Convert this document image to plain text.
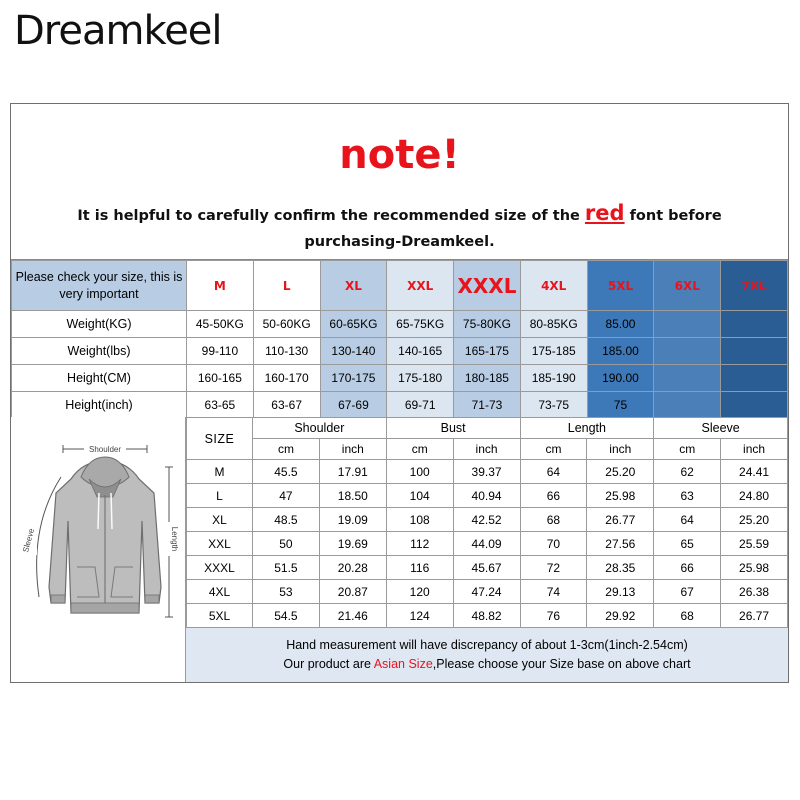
Dreamkeel
note!
It is helpful to carefully confirm the recommended size of the red font before
purchasing-Dreamkeel.
Please check your size, this is very important	M	L	XL	XXL	XXXL	4XL	5XL	6XL	7XL
Weight(KG)	45-50KG	50-60KG	60-65KG	65-75KG	75-80KG	80-85KG	85.00		
Weight(lbs)	99-110	110-130	130-140	140-165	165-175	175-185	185.00		
Height(CM)	160-165	160-170	170-175	175-180	180-185	185-190	190.00		
Height(inch)	63-65	63-67	67-69	69-71	71-73	73-75	75		
Shoulder
Length
Sleeve
SIZE	Shoulder		Bust		Length		Sleeve	
	cm	inch	cm	inch	cm	inch	cm	inch
M	45.5	17.91	100	39.37	64	25.20	62	24.41
L	47	18.50	104	40.94	66	25.98	63	24.80
XL	48.5	19.09	108	42.52	68	26.77	64	25.20
XXL	50	19.69	112	44.09	70	27.56	65	25.59
XXXL	51.5	20.28	116	45.67	72	28.35	66	25.98
4XL	53	20.87	120	47.24	74	29.13	67	26.38
5XL	54.5	21.46	124	48.82	76	29.92	68	26.77
Hand measurement will have discrepancy of about 1-3cm(1inch-2.54cm)
Our product are Asian Size,Please choose your Size base on above chart
